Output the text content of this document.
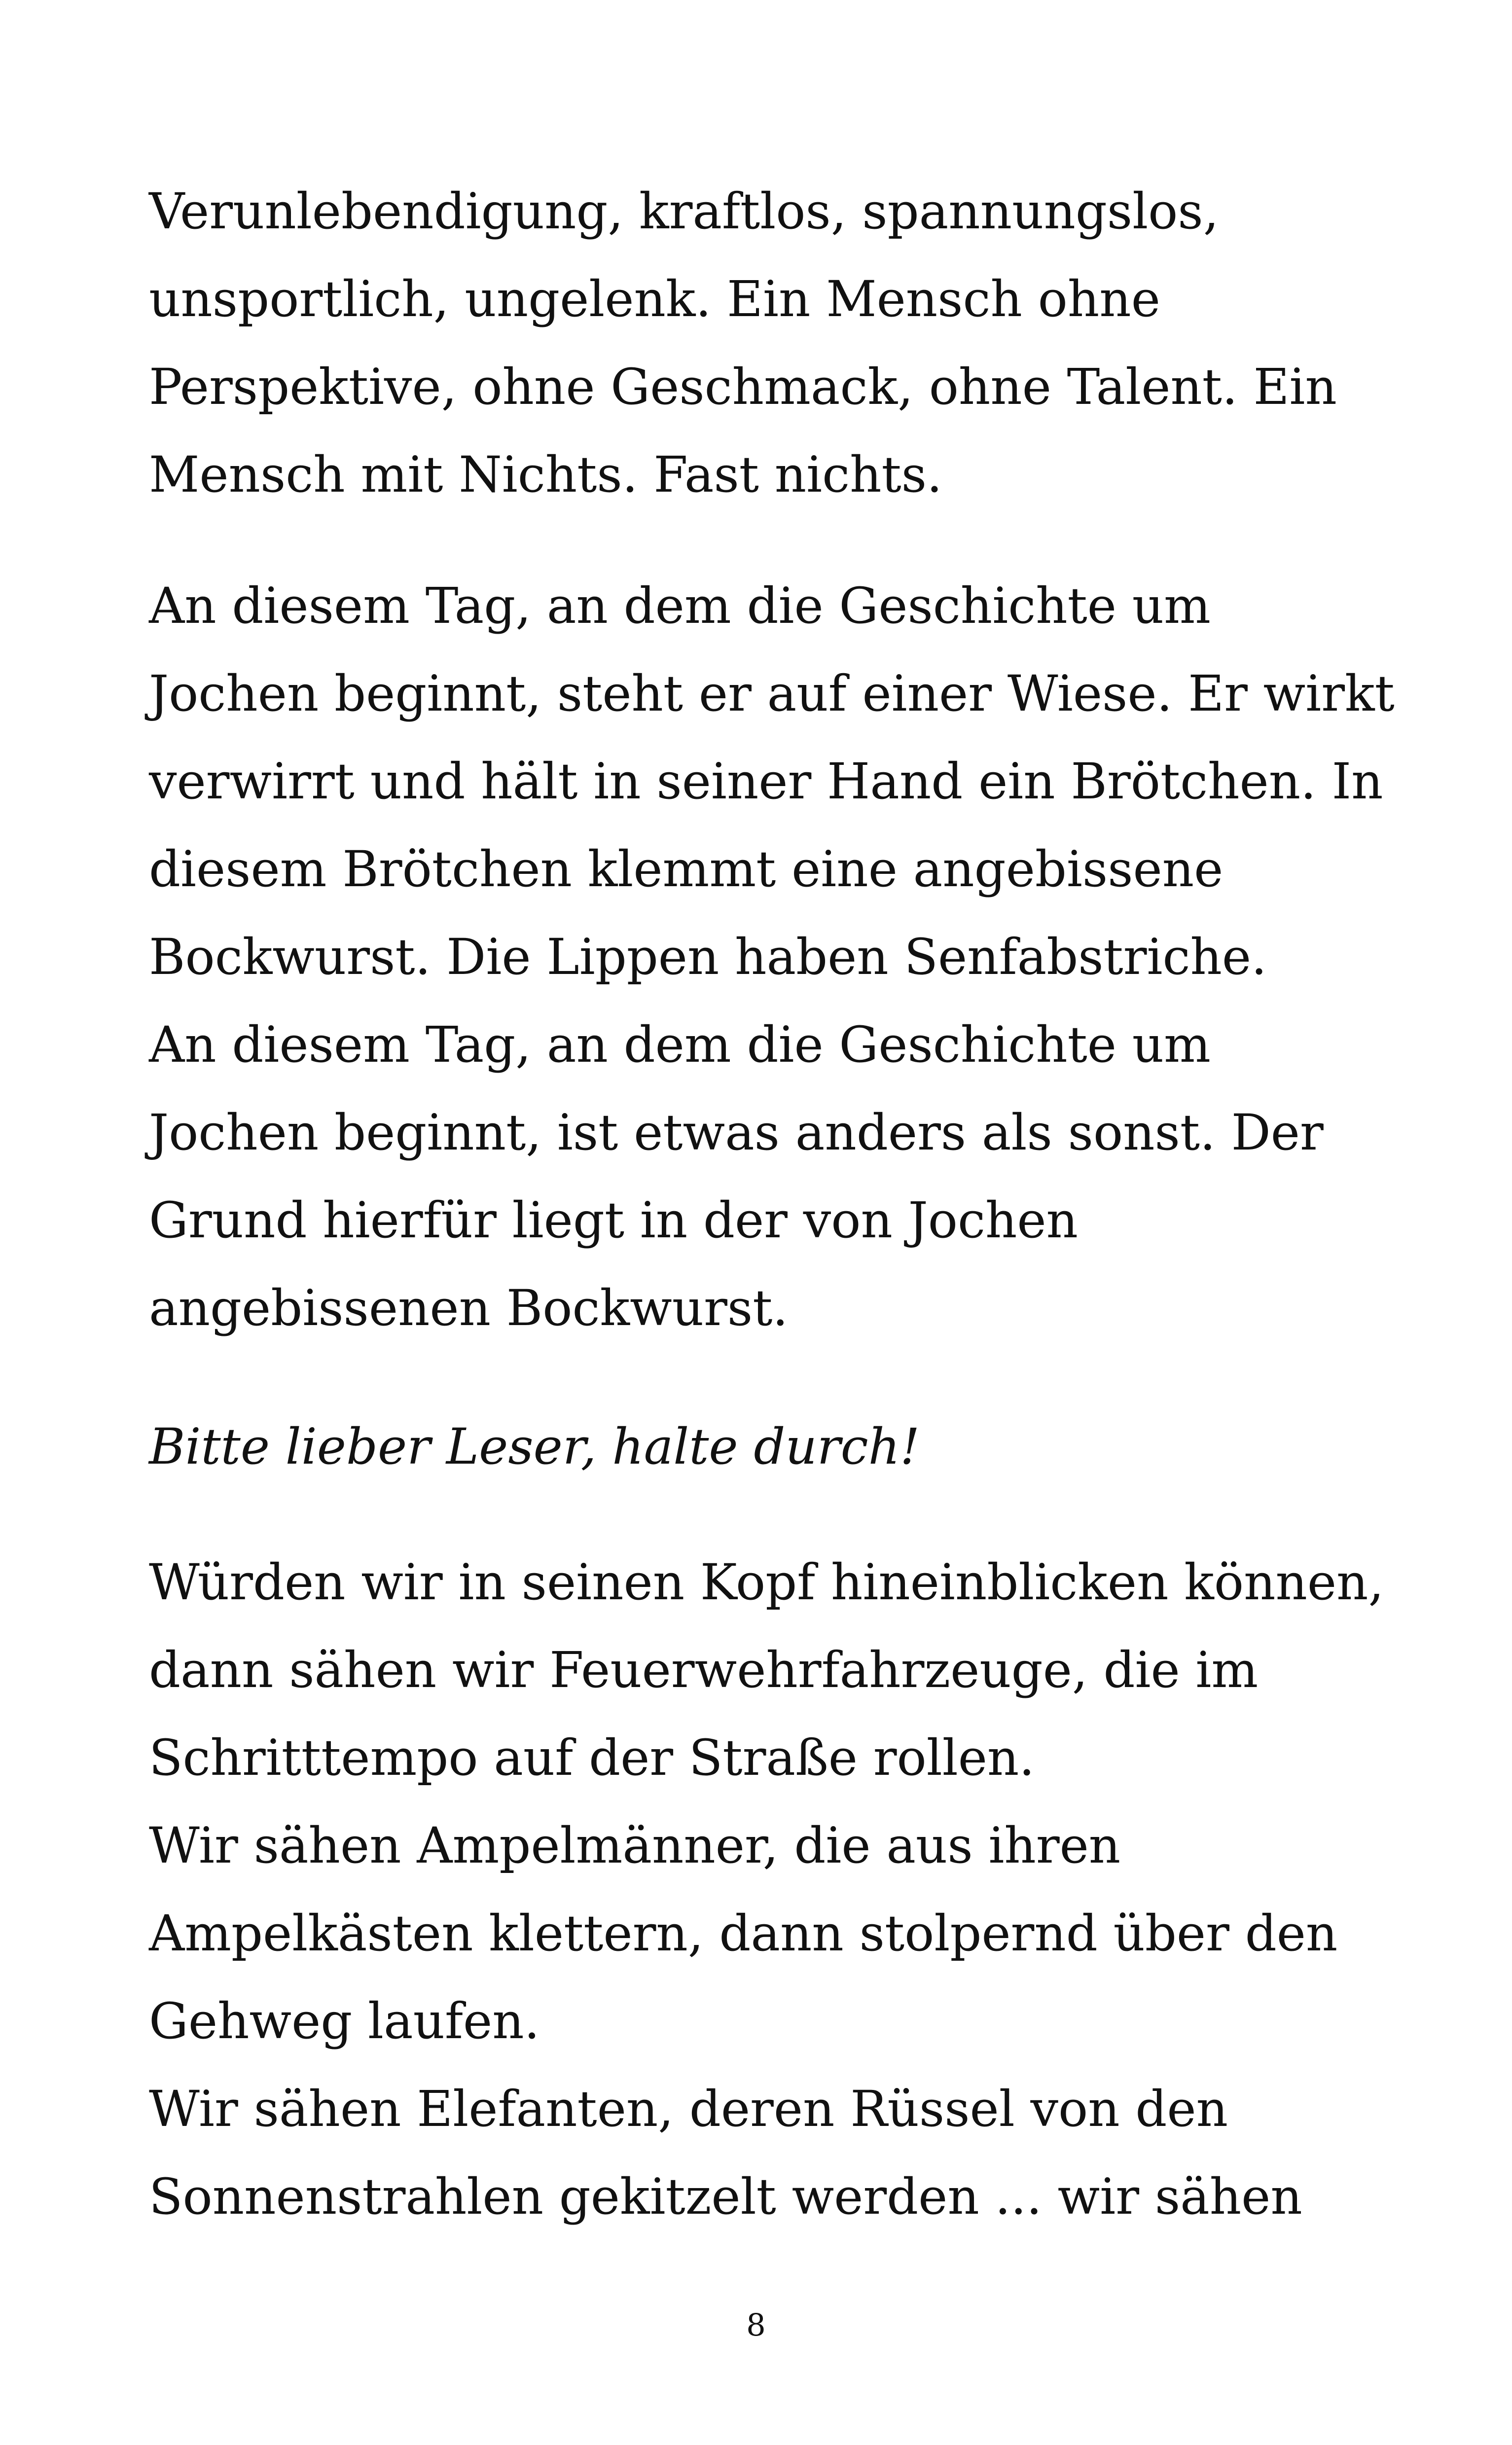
Verunlebendigung, kraftlos, spannungslos,
unsportlich, ungelenk. Ein Mensch ohne
Perspektive, ohne Geschmack, ohne Talent. Ein
Mensch mit Nichts. Fast nichts.
An diesem Tag, an dem die Geschichte um
Jochen beginnt, steht er auf einer Wiese. Er wirkt
verwirrt und hält in seiner Hand ein Brötchen. In
diesem Brötchen klemmt eine angebissene
Bockwurst. Die Lippen haben Senfabstriche.
An diesem Tag, an dem die Geschichte um
Jochen beginnt, ist etwas anders als sonst. Der
Grund hierfür liegt in der von Jochen
angebissenen Bockwurst.
Bitte lieber Leser, halte durch!
Würden wir in seinen Kopf hineinblicken können,
dann sähen wir Feuerwehrfahrzeuge, die im
Schritttempo auf der Straße rollen.
Wir sähen Ampelmänner, die aus ihren
Ampelkästen klettern, dann stolpernd über den
Gehweg laufen.
Wir sähen Elefanten, deren Rüssel von den
Sonnenstrahlen gekitzelt werden ... wir sähen
8
